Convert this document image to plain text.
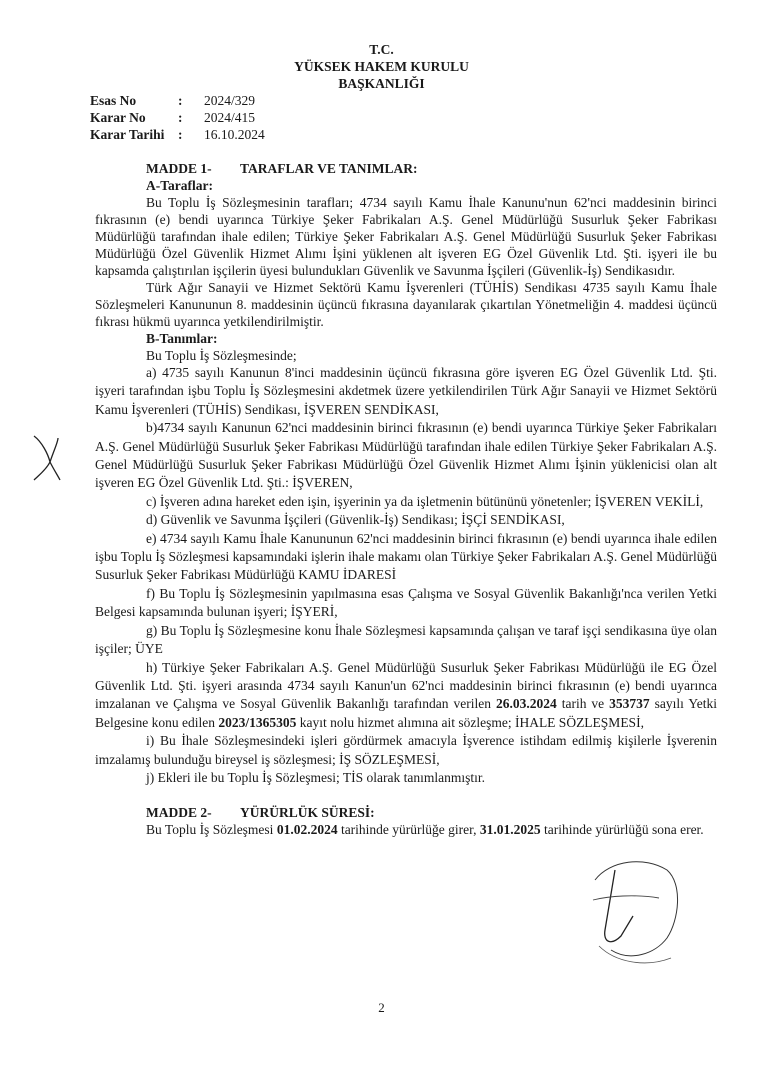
T.C.
YÜKSEK HAKEM KURULU
BAŞKANLIĞI
Esas No	:	2024/329
Karar No	:	2024/415
Karar Tarihi	:	16.10.2024
MADDE 1- TARAFLAR VE TANIMLAR:
A-Taraflar:

Bu Toplu İş Sözleşmesinin tarafları; 4734 sayılı Kamu İhale Kanunu'nun 62'nci maddesinin birinci fıkrasının (e) bendi uyarınca Türkiye Şeker Fabrikaları A.Ş. Genel Müdürlüğü Susurluk Şeker Fabrikası Müdürlüğü tarafından ihale edilen; Türkiye Şeker Fabrikaları A.Ş. Genel Müdürlüğü Susurluk Şeker Fabrikası Müdürlüğü Özel Güvenlik Hizmet Alımı İşini yüklenen alt işveren EG Özel Güvenlik Ltd. Şti. işyeri ile bu kapsamda çalıştırılan işçilerin üyesi bulundukları Güvenlik ve Savunma İşçileri (Güvenlik-İş) Sendikasıdır.

Türk Ağır Sanayii ve Hizmet Sektörü Kamu İşverenleri (TÜHİS) Sendikası 4735 sayılı Kamu İhale Sözleşmeleri Kanununun 8. maddesinin üçüncü fıkrasına dayanılarak çıkartılan Yönetmeliğin 4. maddesi üçüncü fıkrası hükmü uyarınca yetkilendirilmiştir.

B-Tanımlar:

Bu Toplu İş Sözleşmesinde;

a) 4735 sayılı Kanunun 8'inci maddesinin üçüncü fıkrasına göre işveren EG Özel Güvenlik Ltd. Şti. işyeri tarafından işbu Toplu İş Sözleşmesini akdetmek üzere yetkilendirilen Türk Ağır Sanayii ve Hizmet Sektörü Kamu İşverenleri (TÜHİS) Sendikası, İŞVEREN SENDİKASI,

b)4734 sayılı Kanunun 62'nci maddesinin birinci fıkrasının (e) bendi uyarınca Türkiye Şeker Fabrikaları A.Ş. Genel Müdürlüğü Susurluk Şeker Fabrikası Müdürlüğü tarafından ihale edilen Türkiye Şeker Fabrikaları A.Ş. Genel Müdürlüğü Susurluk Şeker Fabrikası Müdürlüğü Özel Güvenlik Hizmet Alımı İşinin yüklenicisi olan alt işveren EG Özel Güvenlik Ltd. Şti.: İŞVEREN,

c) İşveren adına hareket eden işin, işyerinin ya da işletmenin bütününü yönetenler; İŞVEREN VEKİLİ,

d) Güvenlik ve Savunma İşçileri (Güvenlik-İş) Sendikası; İŞÇİ SENDİKASI,

e) 4734 sayılı Kamu İhale Kanununun 62'nci maddesinin birinci fıkrasının (e) bendi uyarınca ihale edilen işbu Toplu İş Sözleşmesi kapsamındaki işlerin ihale makamı olan Türkiye Şeker Fabrikaları A.Ş. Genel Müdürlüğü Susurluk Şeker Fabrikası Müdürlüğü KAMU İDARESİ

f) Bu Toplu İş Sözleşmesinin yapılmasına esas Çalışma ve Sosyal Güvenlik Bakanlığı'nca verilen Yetki Belgesi kapsamında bulunan işyeri; İŞYERİ,

g) Bu Toplu İş Sözleşmesine konu İhale Sözleşmesi kapsamında çalışan ve taraf işçi sendikasına üye olan işçiler; ÜYE

h) Türkiye Şeker Fabrikaları A.Ş. Genel Müdürlüğü Susurluk Şeker Fabrikası Müdürlüğü ile EG Özel Güvenlik Ltd. Şti. işyeri arasında 4734 sayılı Kanun'un 62'nci maddesinin birinci fıkrasının (e) bendi uyarınca imzalanan ve Çalışma ve Sosyal Güvenlik Bakanlığı tarafından verilen 26.03.2024 tarih ve 353737 sayılı Yetki Belgesine konu edilen 2023/1365305 kayıt nolu hizmet alımına ait sözleşme; İHALE SÖZLEŞMESİ,

i) Bu İhale Sözleşmesindeki işleri gördürmek amacıyla İşverence istihdam edilmiş kişilerle İşverenin imzalamış bulunduğu bireysel iş sözleşmesi; İŞ SÖZLEŞMESİ,

j) Ekleri ile bu Toplu İş Sözleşmesi; TİS olarak tanımlanmıştır.

MADDE 2- YÜRÜRLÜK SÜRESİ:

Bu Toplu İş Sözleşmesi 01.02.2024 tarihinde yürürlüğe girer, 31.01.2025 tarihinde yürürlüğü sona erer.

2
